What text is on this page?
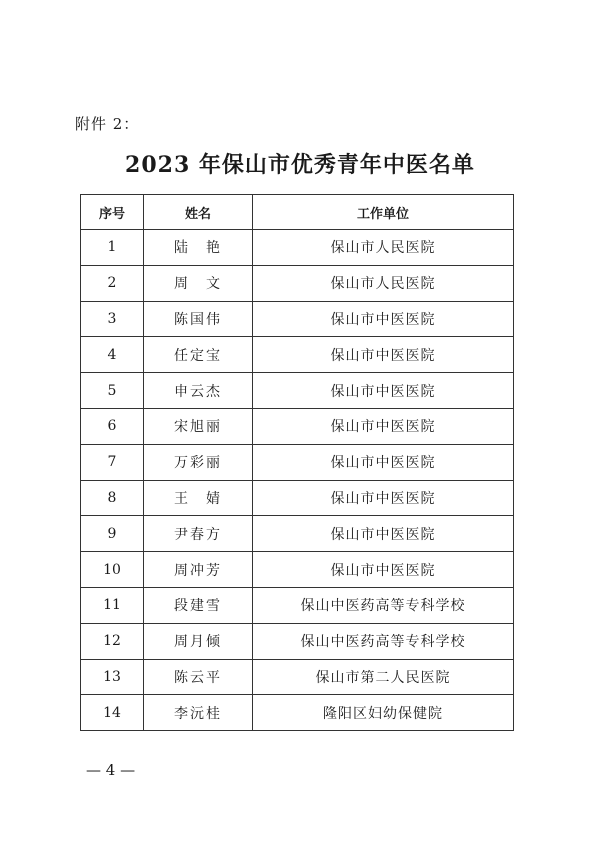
附件 2：
2023 年保山市优秀青年中医名单
序号	姓名	工作单位
1	陆　艳	保山市人民医院
2	周　文	保山市人民医院
3	陈国伟	保山市中医医院
4	任定宝	保山市中医医院
5	申云杰	保山市中医医院
6	宋旭丽	保山市中医医院
7	万彩丽	保山市中医医院
8	王　婧	保山市中医医院
9	尹春方	保山市中医医院
10	周冲芳	保山市中医医院
11	段建雪	保山中医药高等专科学校
12	周月倾	保山中医药高等专科学校
13	陈云平	保山市第二人民医院
14	李沅桂	隆阳区妇幼保健院
— 4 —
